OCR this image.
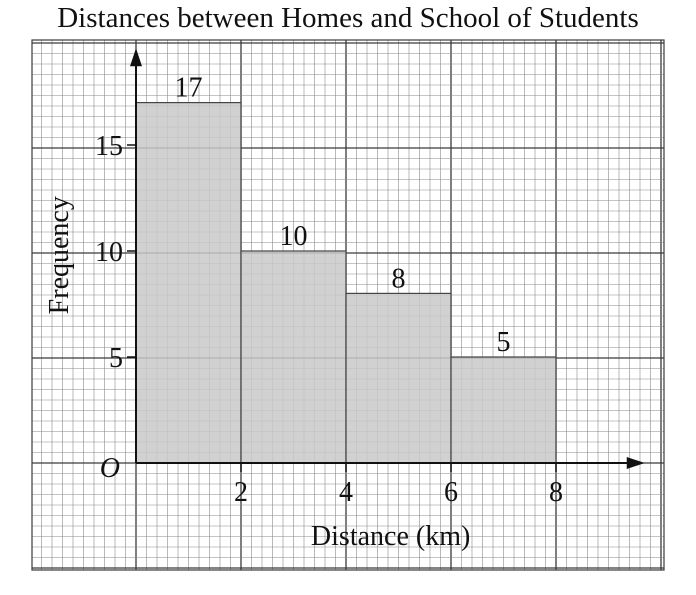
Distances between Homes and School of Students
17
10
8
5
2	4	6	8
5
10
15
O
Distance (km)
Frequency
